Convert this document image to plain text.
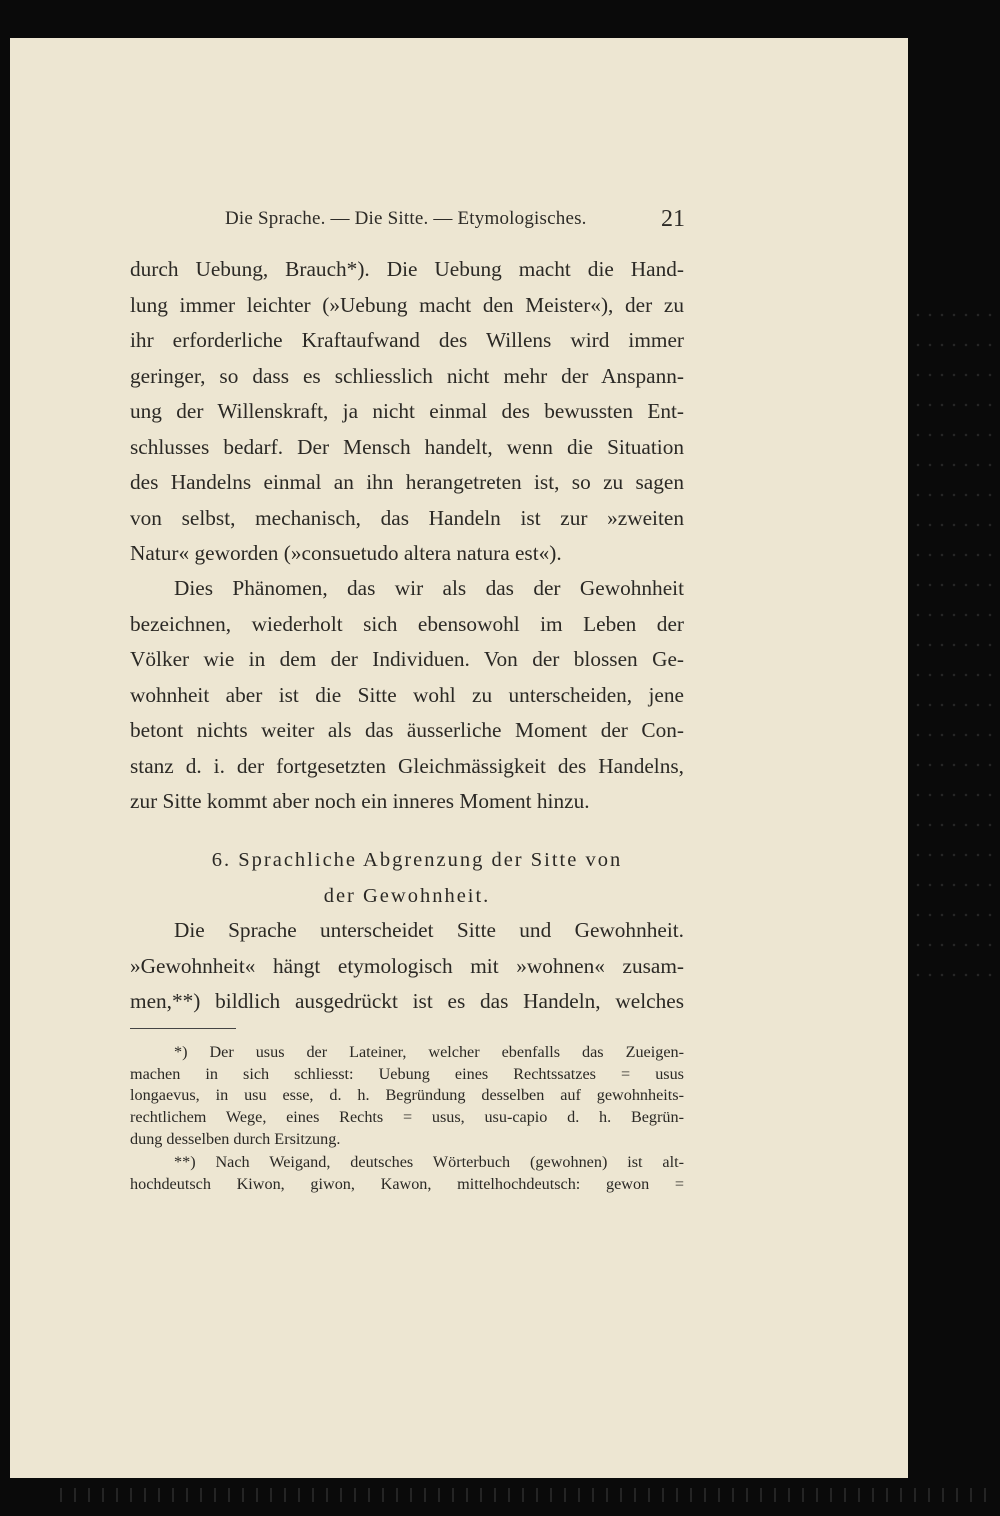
Die Sprache. — Die Sitte. — Etymologisches.	21
durch Uebung, Brauch*). Die Uebung macht die Hand-
lung immer leichter (»Uebung macht den Meister«), der zu
ihr erforderliche Kraftaufwand des Willens wird immer
geringer, so dass es schliesslich nicht mehr der Anspann-
ung der Willenskraft, ja nicht einmal des bewussten Ent-
schlusses bedarf. Der Mensch handelt, wenn die Situation
des Handelns einmal an ihn herangetreten ist, so zu sagen
von selbst, mechanisch, das Handeln ist zur »zweiten
Natur« geworden (»consuetudo altera natura est«).
Dies Phänomen, das wir als das der Gewohnheit
bezeichnen, wiederholt sich ebensowohl im Leben der
Völker wie in dem der Individuen. Von der blossen Ge-
wohnheit aber ist die Sitte wohl zu unterscheiden, jene
betont nichts weiter als das äusserliche Moment der Con-
stanz d. i. der fortgesetzten Gleichmässigkeit des Handelns,
zur Sitte kommt aber noch ein inneres Moment hinzu.
6. Sprachliche Abgrenzung der Sitte von
der Gewohnheit.
Die Sprache unterscheidet Sitte und Gewohnheit.
»Gewohnheit« hängt etymologisch mit »wohnen« zusam-
men,**) bildlich ausgedrückt ist es das Handeln, welches
*) Der usus der Lateiner, welcher ebenfalls das Zueigen-
machen in sich schliesst: Uebung eines Rechtssatzes = usus
longaevus, in usu esse, d. h. Begründung desselben auf gewohnheits-
rechtlichem Wege, eines Rechts = usus, usu-capio d. h. Begrün-
dung desselben durch Ersitzung.
**) Nach Weigand, deutsches Wörterbuch (gewohnen) ist alt-
hochdeutsch Kiwon, giwon, Kawon, mittelhochdeutsch: gewon =
